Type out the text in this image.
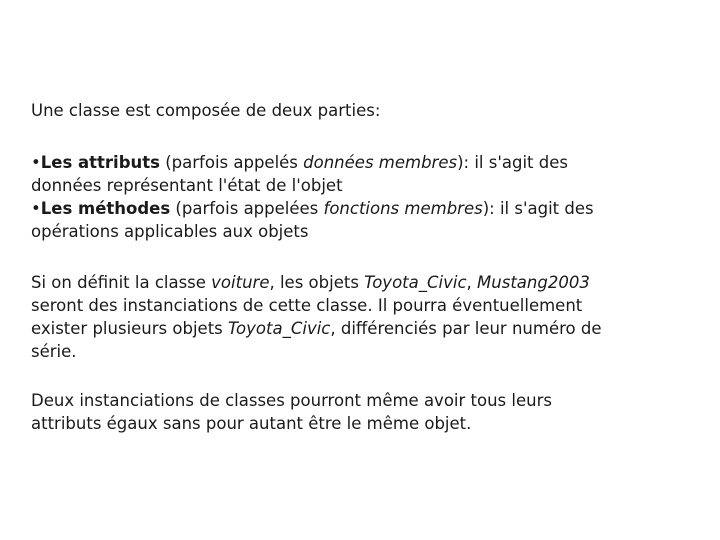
Une classe est composée de deux parties:

•Les attributs (parfois appelés données membres): il s'agit des
données représentant l'état de l'objet
•Les méthodes (parfois appelées fonctions membres): il s'agit des
opérations applicables aux objets

Si on définit la classe voiture, les objets Toyota_Civic, Mustang2003
seront des instanciations de cette classe. Il pourra éventuellement
exister plusieurs objets Toyota_Civic, différenciés par leur numéro de
série.

Deux instanciations de classes pourront même avoir tous leurs
attributs égaux sans pour autant être le même objet.
